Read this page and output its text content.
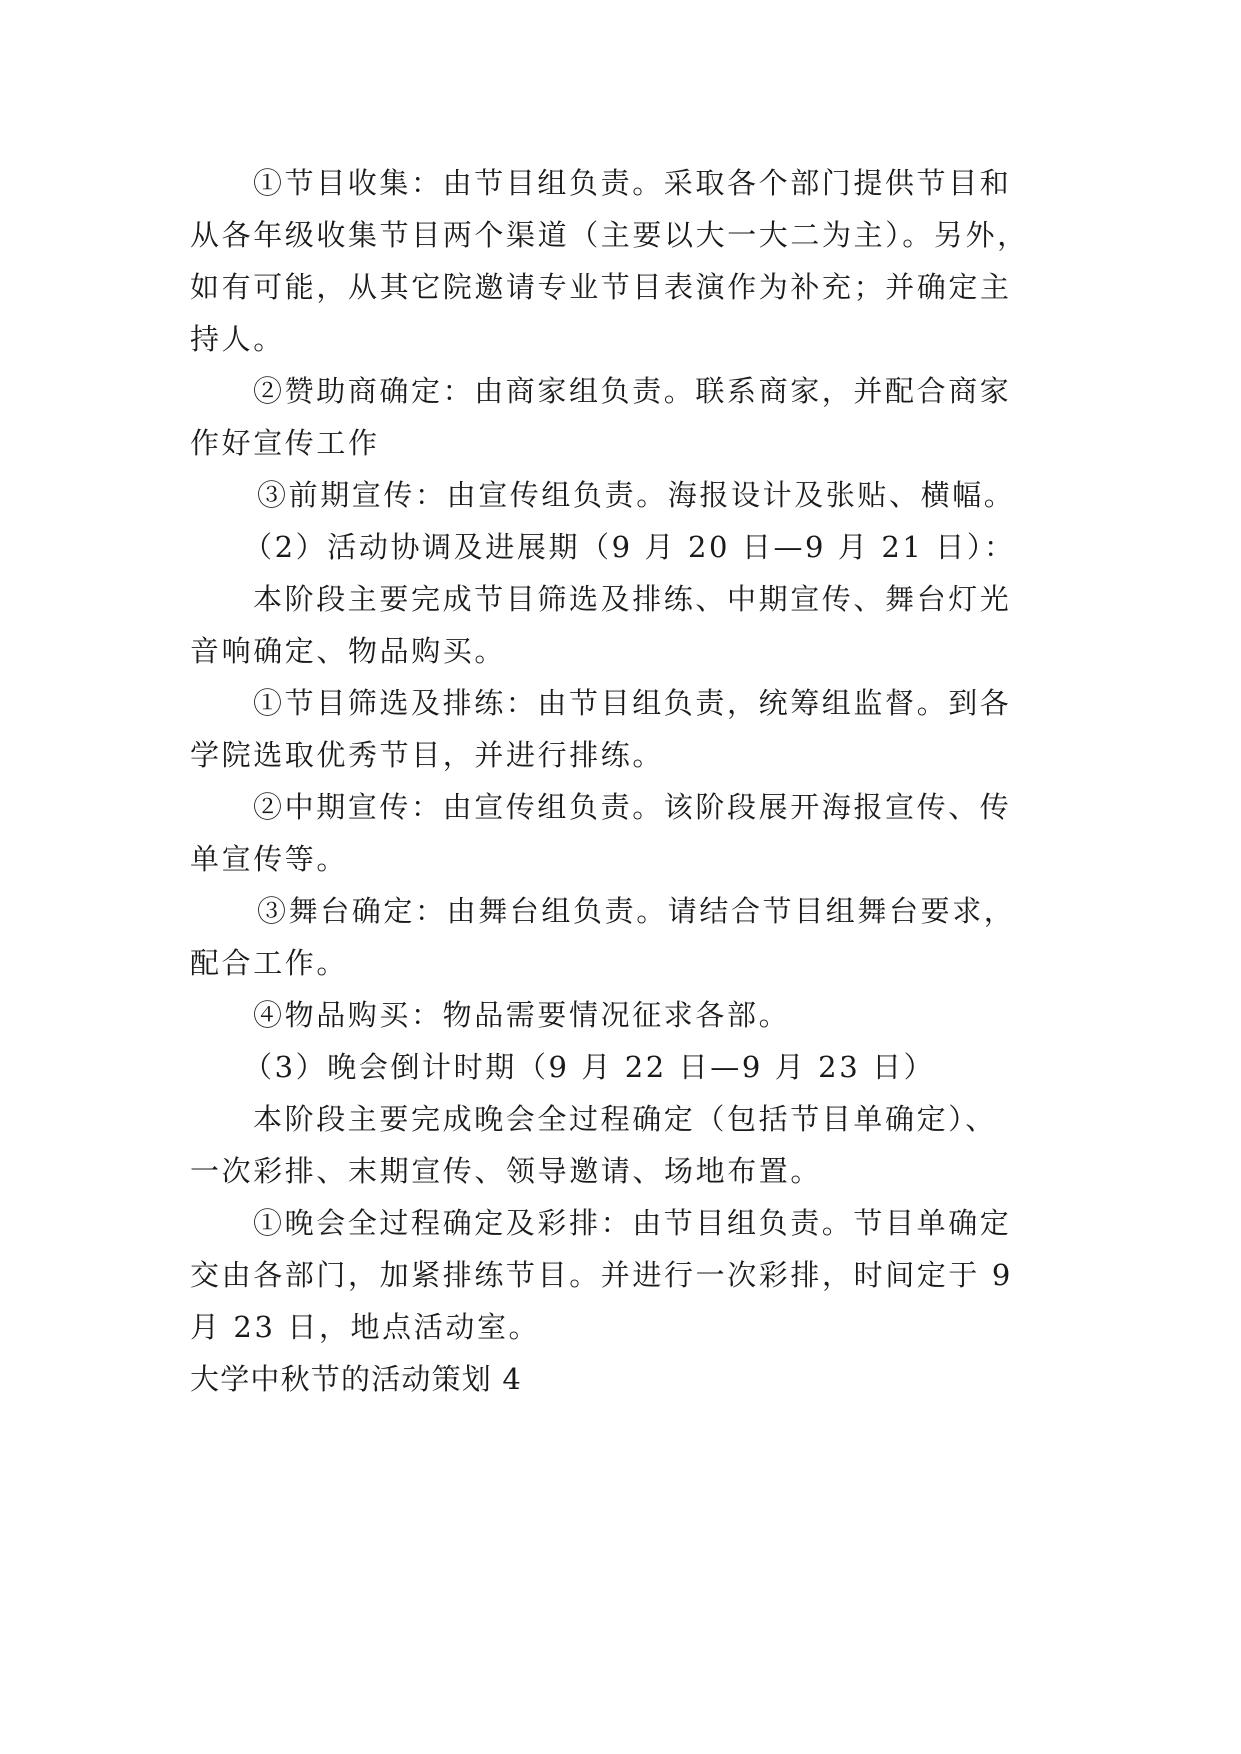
①节目收集：由节目组负责。采取各个部门提供节目和
从各年级收集节目两个渠道（主要以大一大二为主）。另外，
如有可能，从其它院邀请专业节目表演作为补充；并确定主
持人。
②赞助商确定：由商家组负责。联系商家，并配合商家
作好宣传工作
③前期宣传：由宣传组负责。海报设计及张贴、横幅。
（2）活动协调及进展期（9 月 20 日—9 月 21 日）：
本阶段主要完成节目筛选及排练、中期宣传、舞台灯光
音响确定、物品购买。
①节目筛选及排练：由节目组负责，统筹组监督。到各
学院选取优秀节目，并进行排练。
②中期宣传：由宣传组负责。该阶段展开海报宣传、传
单宣传等。
③舞台确定：由舞台组负责。请结合节目组舞台要求，
配合工作。
④物品购买：物品需要情况征求各部。
（3）晚会倒计时期（9 月 22 日—9 月 23 日）
本阶段主要完成晚会全过程确定（包括节目单确定）、
一次彩排、末期宣传、领导邀请、场地布置。
①晚会全过程确定及彩排：由节目组负责。节目单确定
交由各部门，加紧排练节目。并进行一次彩排，时间定于 9
月 23 日，地点活动室。
大学中秋节的活动策划 4
